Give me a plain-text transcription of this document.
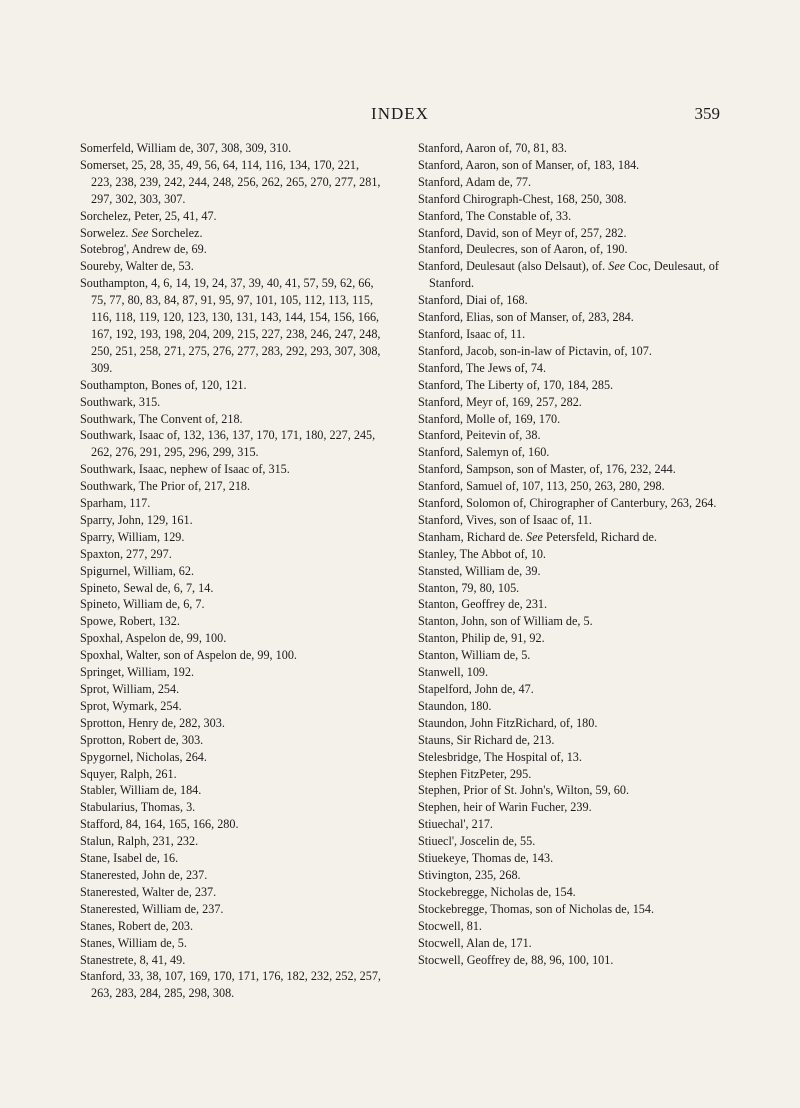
INDEX	359

Somerfeld, William de, 307, 308, 309, 310.

Somerset, 25, 28, 35, 49, 56, 64, 114, 116, 134, 170, 221, 223, 238, 239, 242, 244, 248, 256, 262, 265, 270, 277, 281, 297, 302, 303, 307.

Sorchelez, Peter, 25, 41, 47.

Sorwelez. See Sorchelez.

Sotebrog', Andrew de, 69.

Soureby, Walter de, 53.

Southampton, 4, 6, 14, 19, 24, 37, 39, 40, 41, 57, 59, 62, 66, 75, 77, 80, 83, 84, 87, 91, 95, 97, 101, 105, 112, 113, 115, 116, 118, 119, 120, 123, 130, 131, 143, 144, 154, 156, 166, 167, 192, 193, 198, 204, 209, 215, 227, 238, 246, 247, 248, 250, 251, 258, 271, 275, 276, 277, 283, 292, 293, 307, 308, 309.

Southampton, Bones of, 120, 121.

Southwark, 315.

Southwark, The Convent of, 218.

Southwark, Isaac of, 132, 136, 137, 170, 171, 180, 227, 245, 262, 276, 291, 295, 296, 299, 315.

Southwark, Isaac, nephew of Isaac of, 315.

Southwark, The Prior of, 217, 218.

Sparham, 117.

Sparry, John, 129, 161.

Sparry, William, 129.

Spaxton, 277, 297.

Spigurnel, William, 62.

Spineto, Sewal de, 6, 7, 14.

Spineto, William de, 6, 7.

Spowe, Robert, 132.

Spoxhal, Aspelon de, 99, 100.

Spoxhal, Walter, son of Aspelon de, 99, 100.

Springet, William, 192.

Sprot, William, 254.

Sprot, Wymark, 254.

Sprotton, Henry de, 282, 303.

Sprotton, Robert de, 303.

Spygornel, Nicholas, 264.

Squyer, Ralph, 261.

Stabler, William de, 184.

Stabularius, Thomas, 3.

Stafford, 84, 164, 165, 166, 280.

Stalun, Ralph, 231, 232.

Stane, Isabel de, 16.

Stanerested, John de, 237.

Stanerested, Walter de, 237.

Stanerested, William de, 237.

Stanes, Robert de, 203.

Stanes, William de, 5.

Stanestrete, 8, 41, 49.

Stanford, 33, 38, 107, 169, 170, 171, 176, 182, 232, 252, 257, 263, 283, 284, 285, 298, 308.

Stanford, Aaron of, 70, 81, 83.

Stanford, Aaron, son of Manser, of, 183, 184.

Stanford, Adam de, 77.

Stanford Chirograph-Chest, 168, 250, 308.

Stanford, The Constable of, 33.

Stanford, David, son of Meyr of, 257, 282.

Stanford, Deulecres, son of Aaron, of, 190.

Stanford, Deulesaut (also Delsaut), of. See Coc, Deulesaut, of Stanford.

Stanford, Diai of, 168.

Stanford, Elias, son of Manser, of, 283, 284.

Stanford, Isaac of, 11.

Stanford, Jacob, son-in-law of Pictavin, of, 107.

Stanford, The Jews of, 74.

Stanford, The Liberty of, 170, 184, 285.

Stanford, Meyr of, 169, 257, 282.

Stanford, Molle of, 169, 170.

Stanford, Peitevin of, 38.

Stanford, Salemyn of, 160.

Stanford, Sampson, son of Master, of, 176, 232, 244.

Stanford, Samuel of, 107, 113, 250, 263, 280, 298.

Stanford, Solomon of, Chirographer of Canterbury, 263, 264.

Stanford, Vives, son of Isaac of, 11.

Stanham, Richard de. See Petersfeld, Richard de.

Stanley, The Abbot of, 10.

Stansted, William de, 39.

Stanton, 79, 80, 105.

Stanton, Geoffrey de, 231.

Stanton, John, son of William de, 5.

Stanton, Philip de, 91, 92.

Stanton, William de, 5.

Stanwell, 109.

Stapelford, John de, 47.

Staundon, 180.

Staundon, John FitzRichard, of, 180.

Stauns, Sir Richard de, 213.

Stelesbridge, The Hospital of, 13.

Stephen FitzPeter, 295.

Stephen, Prior of St. John's, Wilton, 59, 60.

Stephen, heir of Warin Fucher, 239.

Stiuechal', 217.

Stiuecl', Joscelin de, 55.

Stiuekeye, Thomas de, 143.

Stivington, 235, 268.

Stockebregge, Nicholas de, 154.

Stockebregge, Thomas, son of Nicholas de, 154.

Stocwell, 81.

Stocwell, Alan de, 171.

Stocwell, Geoffrey de, 88, 96, 100, 101.
